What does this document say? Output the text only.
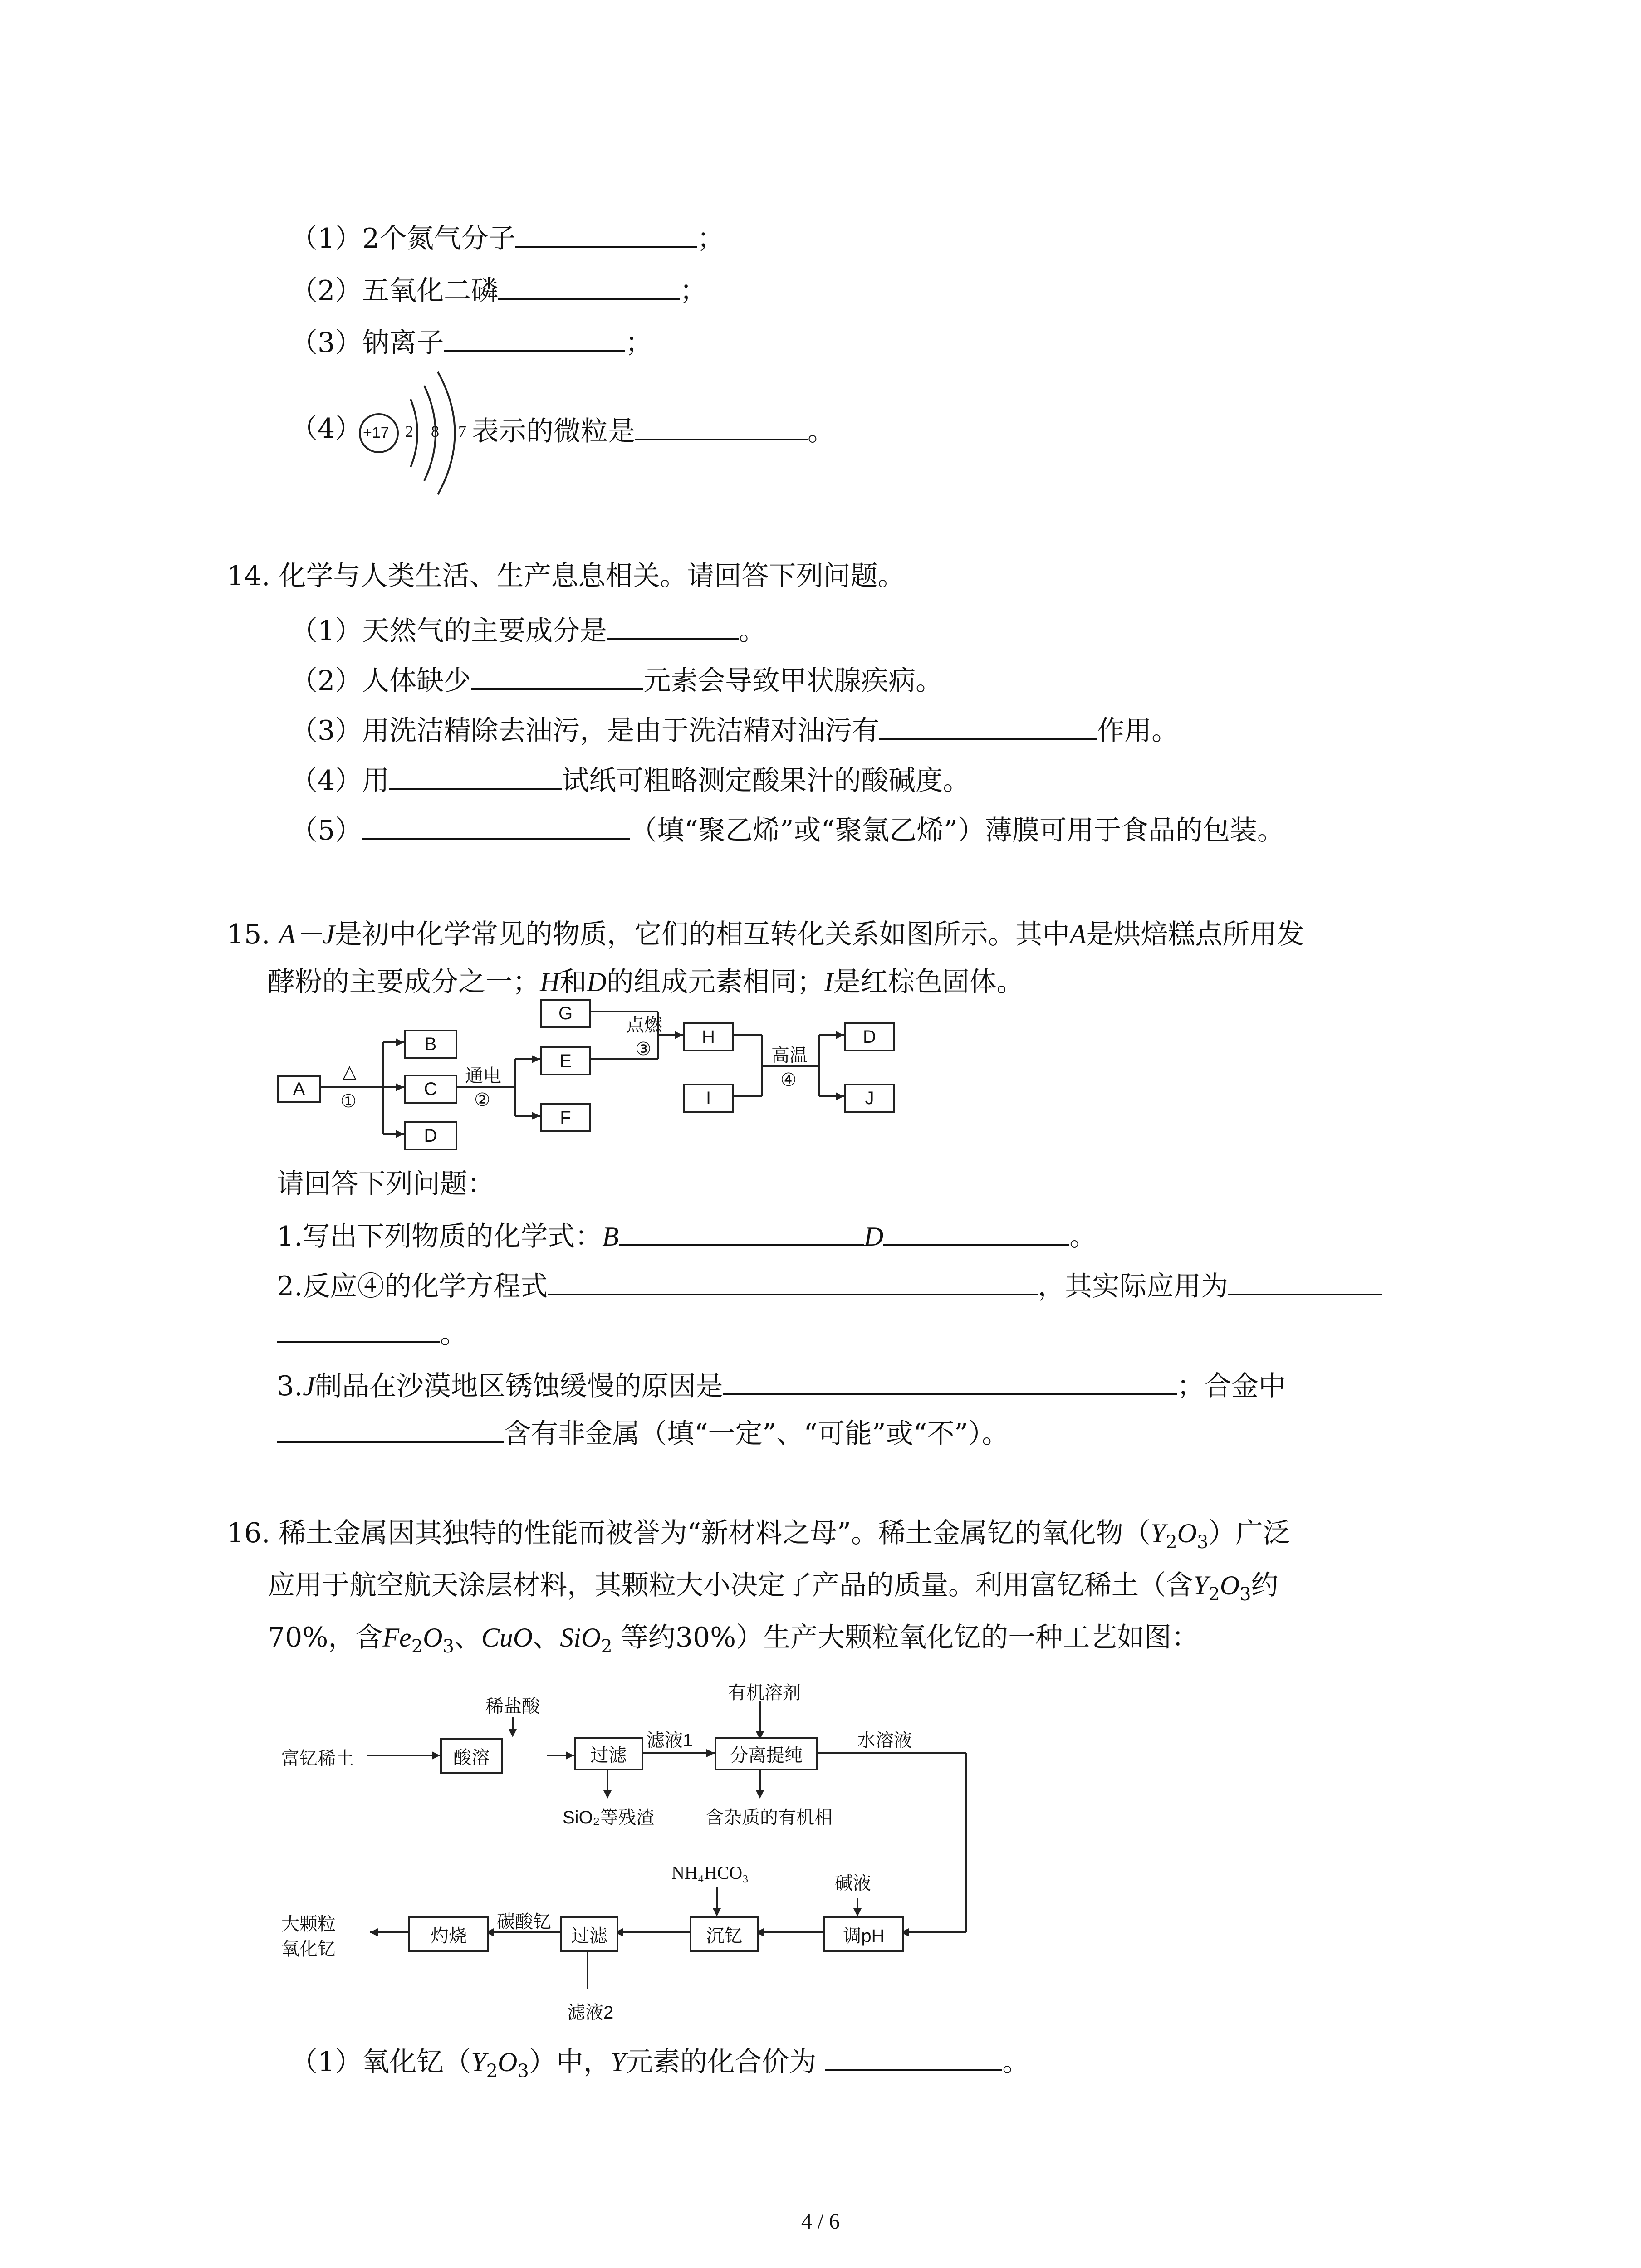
（1）2个氮气分子	；
（2）五氧化二磷	；
（3）钠离子	；
（4） +17 2 8 7 表示的微粒是	。
14. 化学与人类生活、生产息息相关。请回答下列问题。
（1）天然气的主要成分是	。
（2）人体缺少	元素会导致甲状腺疾病。
（3）用洗洁精除去油污，是由于洗洁精对油污有	作用。
（4）用	试纸可粗略测定酸果汁的酸碱度。
（5）	（填“聚乙烯”或“聚氯乙烯”）薄膜可用于食品的包装。
15. A－J是初中化学常见的物质，它们的相互转化关系如图所示。其中A是烘焙糕点所用发
酵粉的主要成分之一；H和D的组成元素相同；I是红棕色固体。
A
B
C
D
G
E
F
H
I
D
J
△
①
通电
②
点燃
③	高温
④
请回答下列问题：
1.写出下列物质的化学式：B	D	。
2.反应④的化学方程式	，其实际应用为
。
3.J制品在沙漠地区锈蚀缓慢的原因是	；合金中
含有非金属（填“一定”、“可能”或“不”）。
16. 稀土金属因其独特的性能而被誉为“新材料之母”。稀土金属钇的氧化物$(Y_2O_3)$广泛
应用于航空航天涂层材料，其颗粒大小决定了产品的质量。利用富钇稀土（含$Y_2O_3$约
70%，含$Fe_2O_3$、CuO、SiO$_2$ 等约30%）生产大颗粒氧化钇的一种工艺如图：
稀盐酸
有机溶剂
富钇稀土	酸溶	过滤
滤液1
分离提纯
水溶液
SiO₂等残渣	含杂质的有机相
NH₄HCO₃
碱液
大颗粒
氧化钇
灼烧
碳酸钇
过滤	沉钇	调pH
滤液2
（1）氧化钇$(Y_2O_3)$中，Y元素的化合价为	。
4 / 6
